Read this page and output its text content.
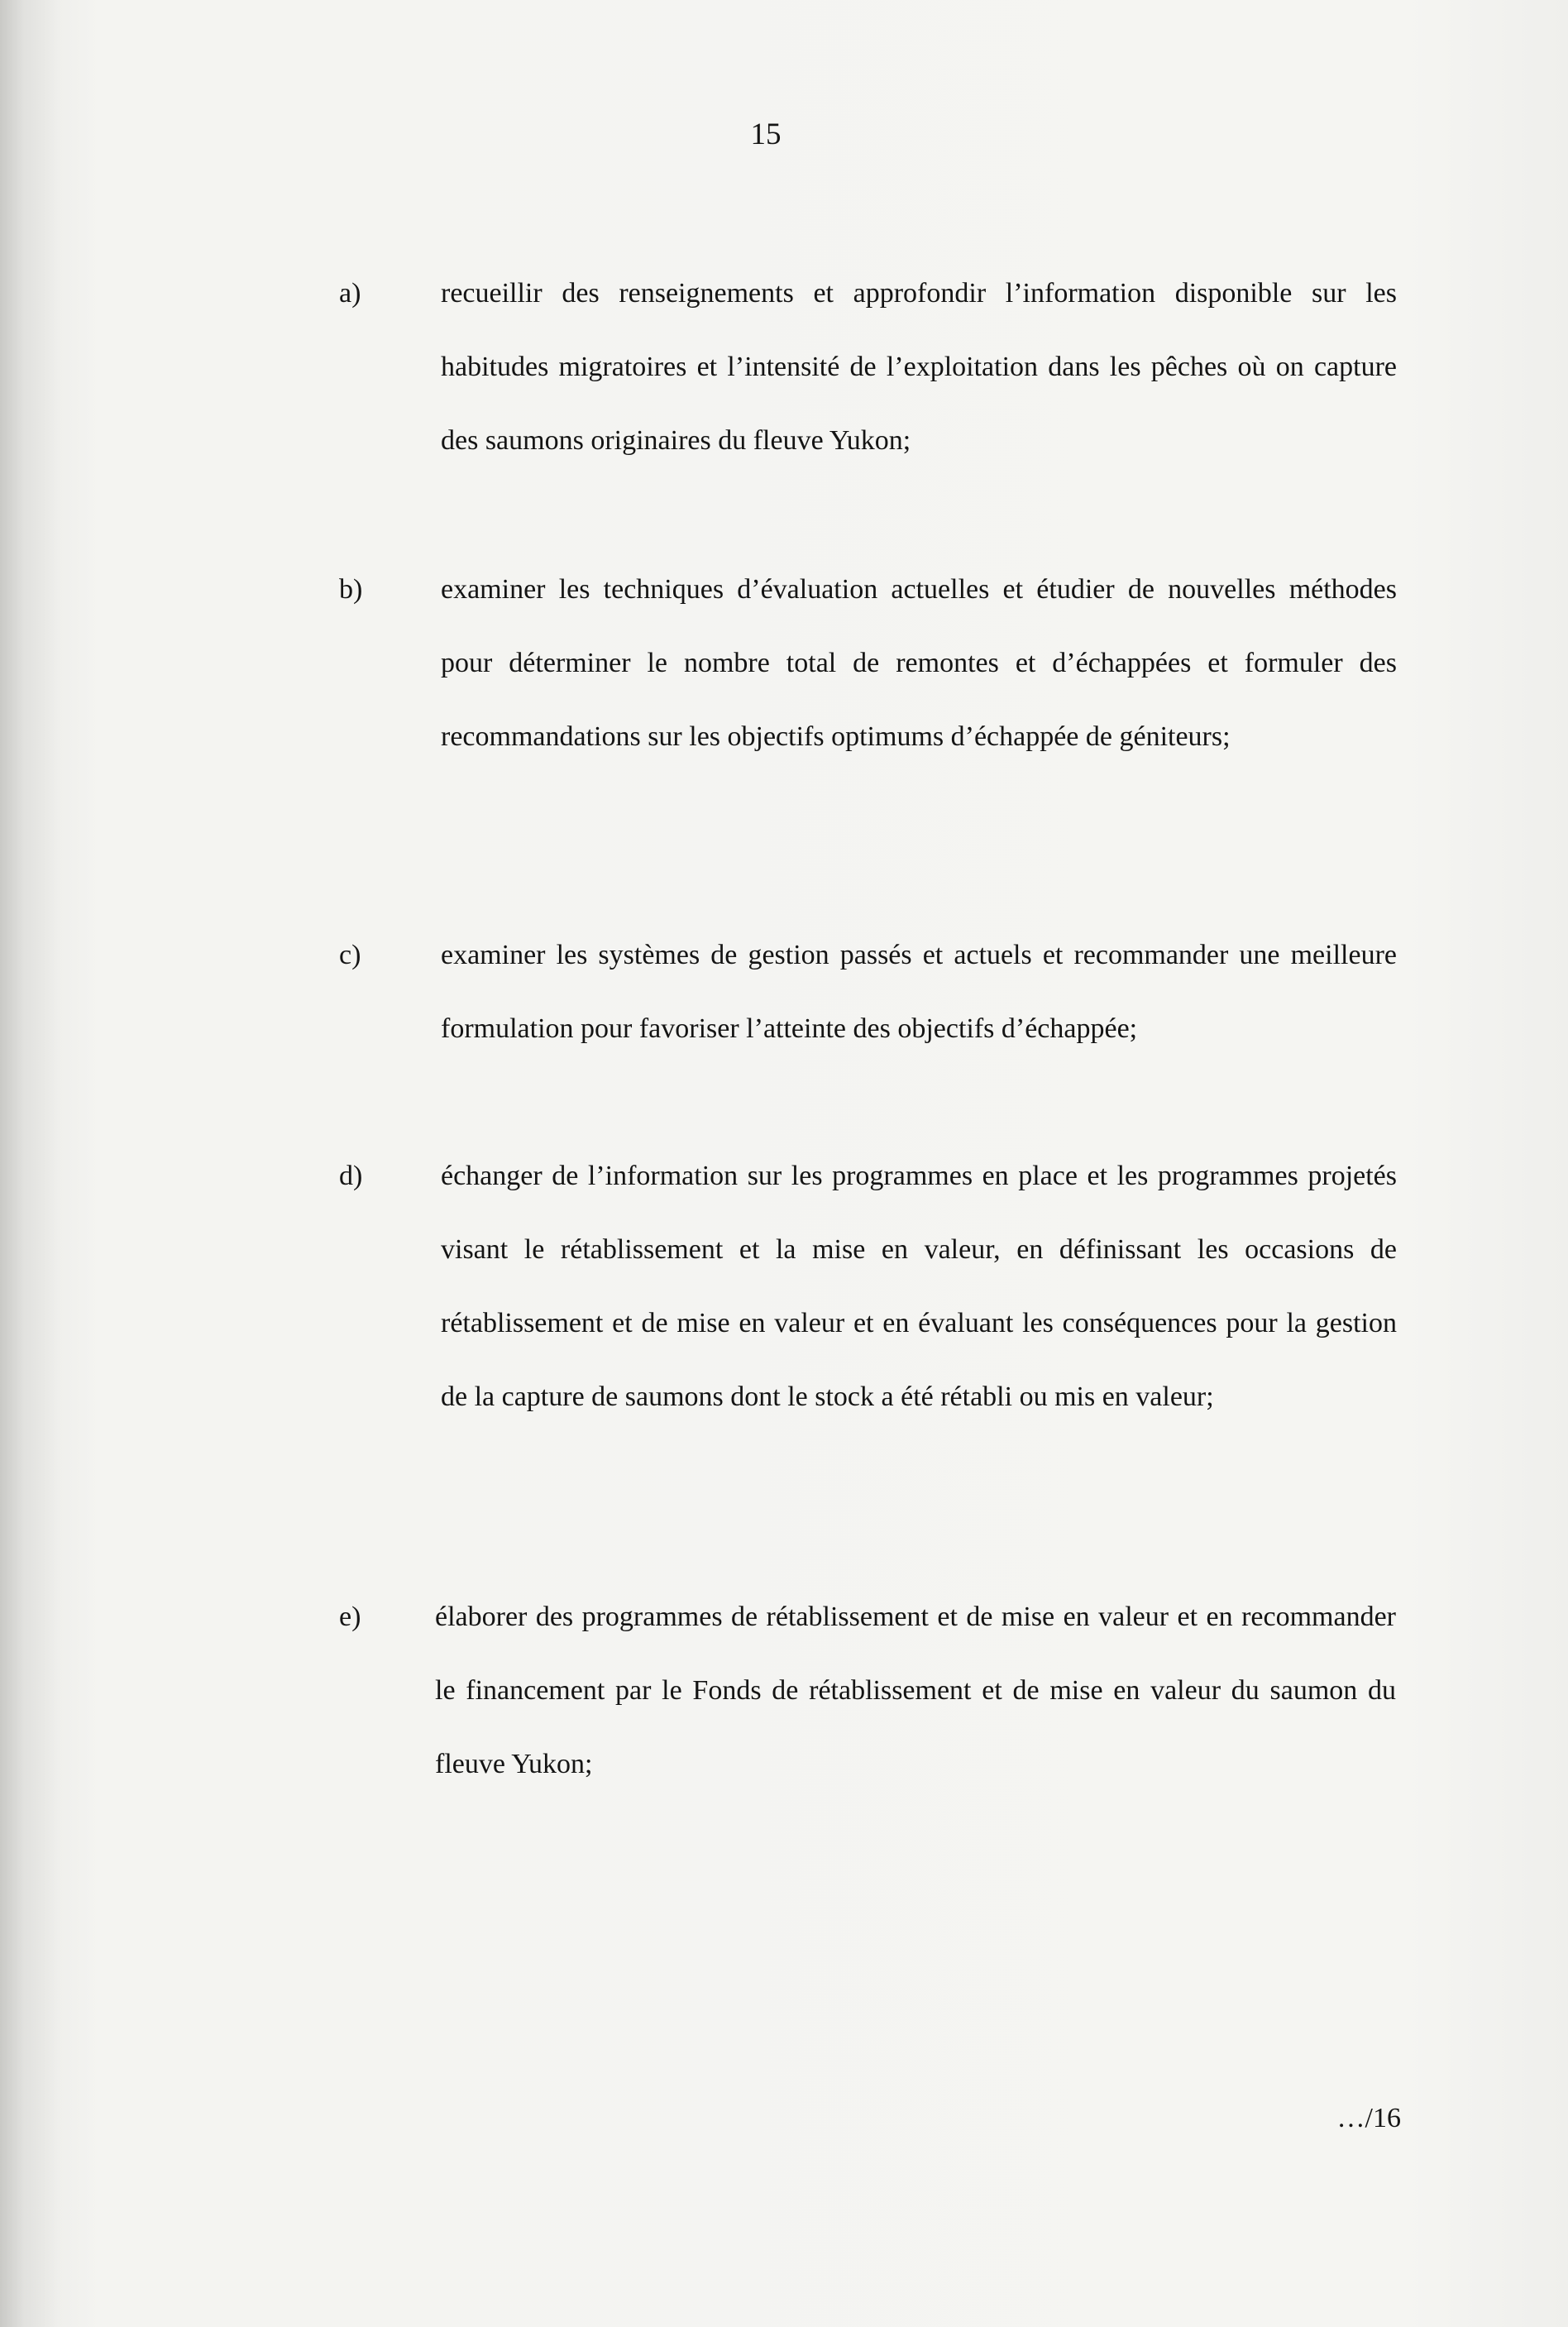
15
a)	recueillir des renseignements et approfondir l’information disponible sur les habitudes migratoires et l’intensité de l’exploitation dans les pêches où on capture des saumons originaires du fleuve Yukon;
b)	examiner les techniques d’évaluation actuelles et étudier de nouvelles méthodes pour déterminer le nombre total de remontes et d’échappées et formuler des recommandations sur les objectifs optimums d’échappée de géniteurs;
c)	examiner les systèmes de gestion passés et actuels et recommander une meilleure formulation pour favoriser l’atteinte des objectifs d’échappée;
d)	échanger de l’information sur les programmes en place et les programmes projetés visant le rétablissement et la mise en valeur, en définissant les occasions de rétablissement et de mise en valeur et en évaluant les conséquences pour la gestion de la capture de saumons dont le stock a été rétabli ou mis en valeur;
e)	élaborer des programmes de rétablissement et de mise en valeur et en recommander le financement par le Fonds de rétablissement et de mise en valeur du saumon du fleuve Yukon;
…/16
